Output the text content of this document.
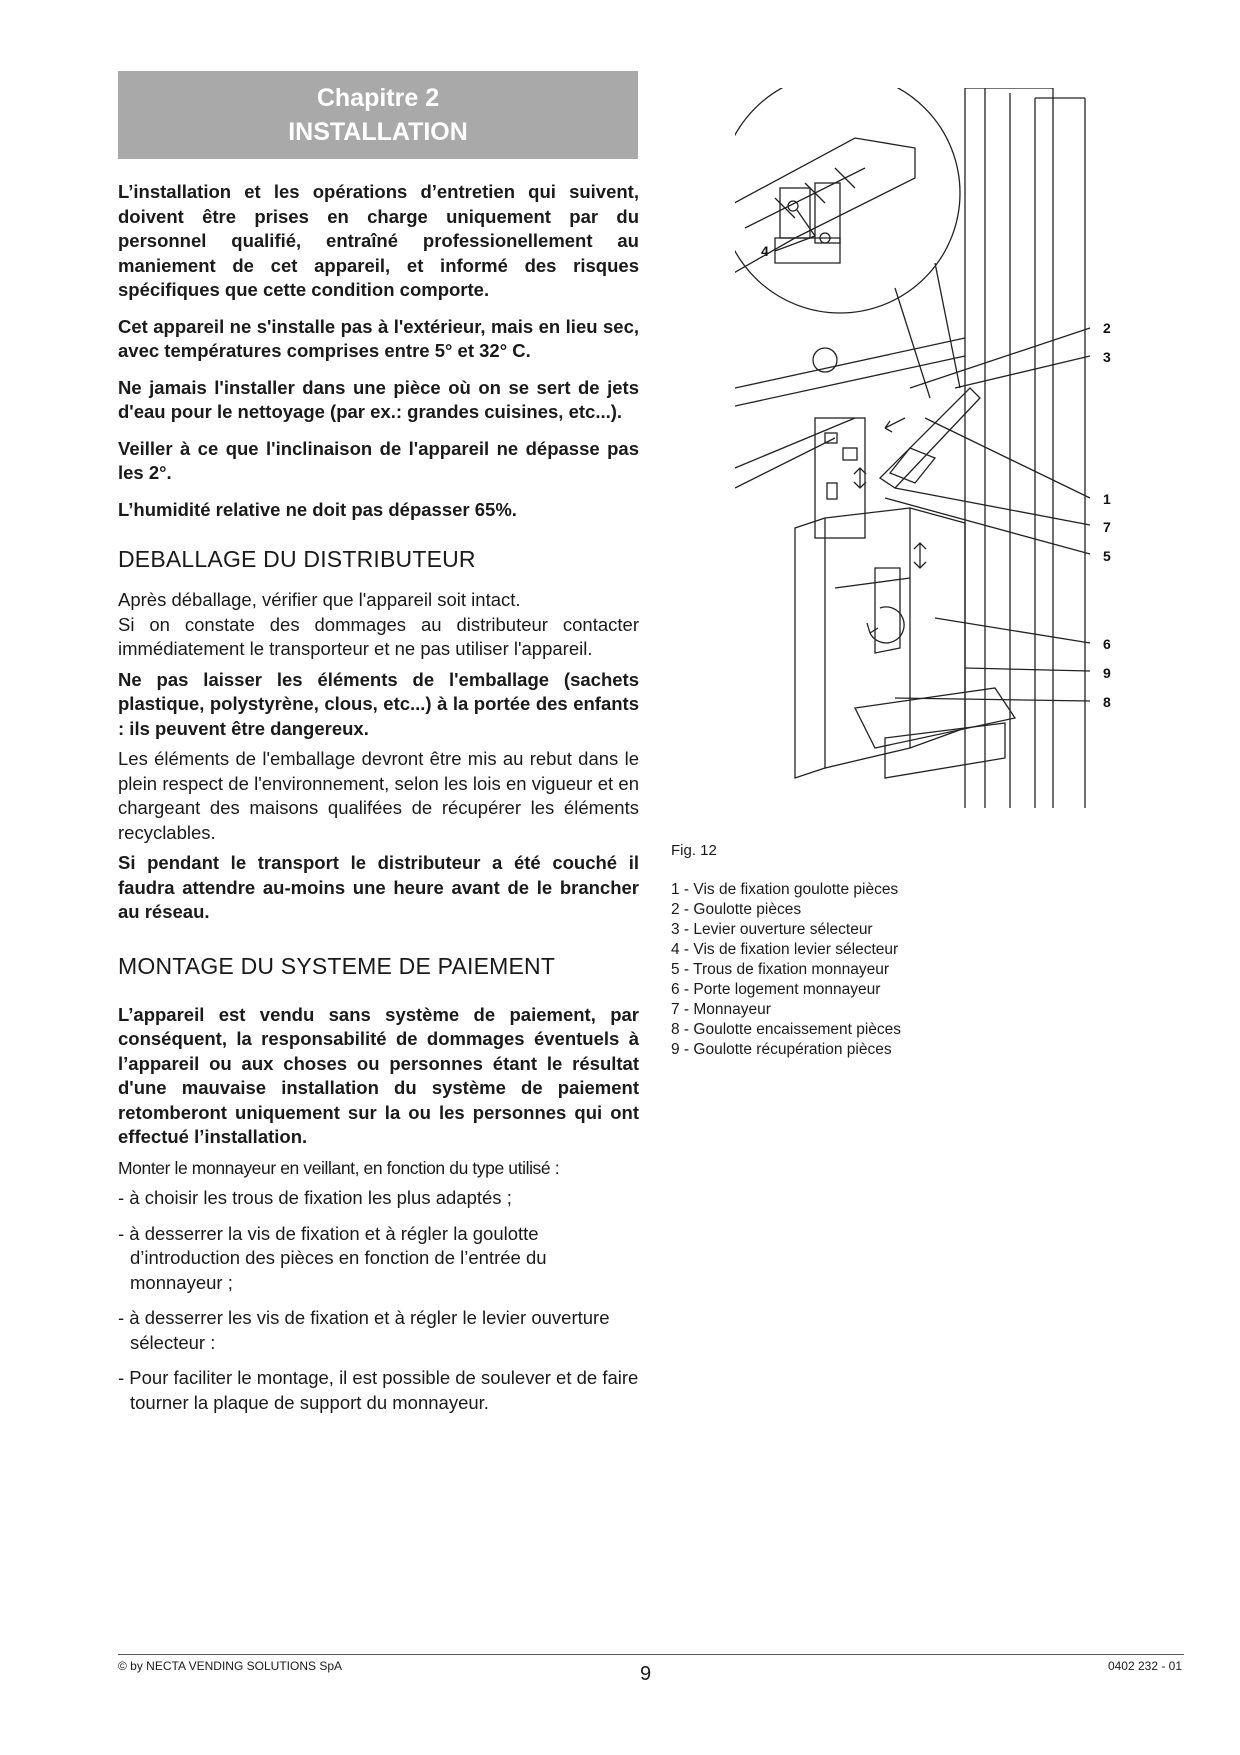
Chapitre 2
INSTALLATION

L’installation et les opérations d’entretien qui suivent, doivent être prises en charge uniquement par du personnel qualifié, entraîné professionellement au maniement de cet appareil, et informé des risques spécifiques que cette condition comporte.

Cet appareil ne s'installe pas à l'extérieur, mais en lieu sec, avec températures comprises entre 5° et 32° C.

Ne jamais l'installer dans une pièce où on se sert de jets d'eau pour le nettoyage (par ex.: grandes cuisines, etc...).

Veiller à ce que l'inclinaison de l'appareil ne dépasse pas les 2°.

L’humidité relative ne doit pas dépasser 65%.

DEBALLAGE DU DISTRIBUTEUR

Après déballage, vérifier que l'appareil soit intact.

Si on constate des dommages au distributeur contacter immédiatement le transporteur et ne pas utiliser l'appareil.

Ne pas laisser les éléments de l'emballage (sachets plastique, polystyrène, clous, etc...) à la portée des enfants : ils peuvent être dangereux.

Les éléments de l'emballage devront être mis au rebut dans le plein respect de l'environnement, selon les lois en vigueur et en chargeant des maisons qualifées de récupérer les éléments recyclables.

Si pendant le transport le distributeur a été couché il faudra attendre au-moins une heure avant de le brancher au réseau.

MONTAGE DU SYSTEME DE PAIEMENT

L’appareil est vendu sans système de paiement, par conséquent, la responsabilité de dommages éventuels à l’appareil ou aux choses ou personnes étant le résultat d'une mauvaise installation du système de paiement retomberont uniquement sur la ou les personnes qui ont effectué l’installation.

Monter le monnayeur en veillant, en fonction du type utilisé :

- à choisir les trous de fixation les plus adaptés ;

- à desserrer la vis de fixation et à régler la goulotte d’introduction des pièces en fonction de l’entrée du monnayeur ;

- à desserrer les vis de fixation et à régler le levier ouverture sélecteur :

- Pour faciliter le montage, il est possible de soulever et de faire tourner la plaque de support du monnayeur.

4
2
3
1
7
5
6
9
8
Fig. 12
1 - Vis de fixation goulotte pièces
2 - Goulotte pièces
3 - Levier ouverture sélecteur
4 - Vis de fixation levier sélecteur
5 - Trous de fixation monnayeur
6 - Porte logement monnayeur
7 - Monnayeur
8 - Goulotte encaissement pièces
9 - Goulotte récupération pièces
© by NECTA VENDING SOLUTIONS SpA	9	0402 232 - 01
